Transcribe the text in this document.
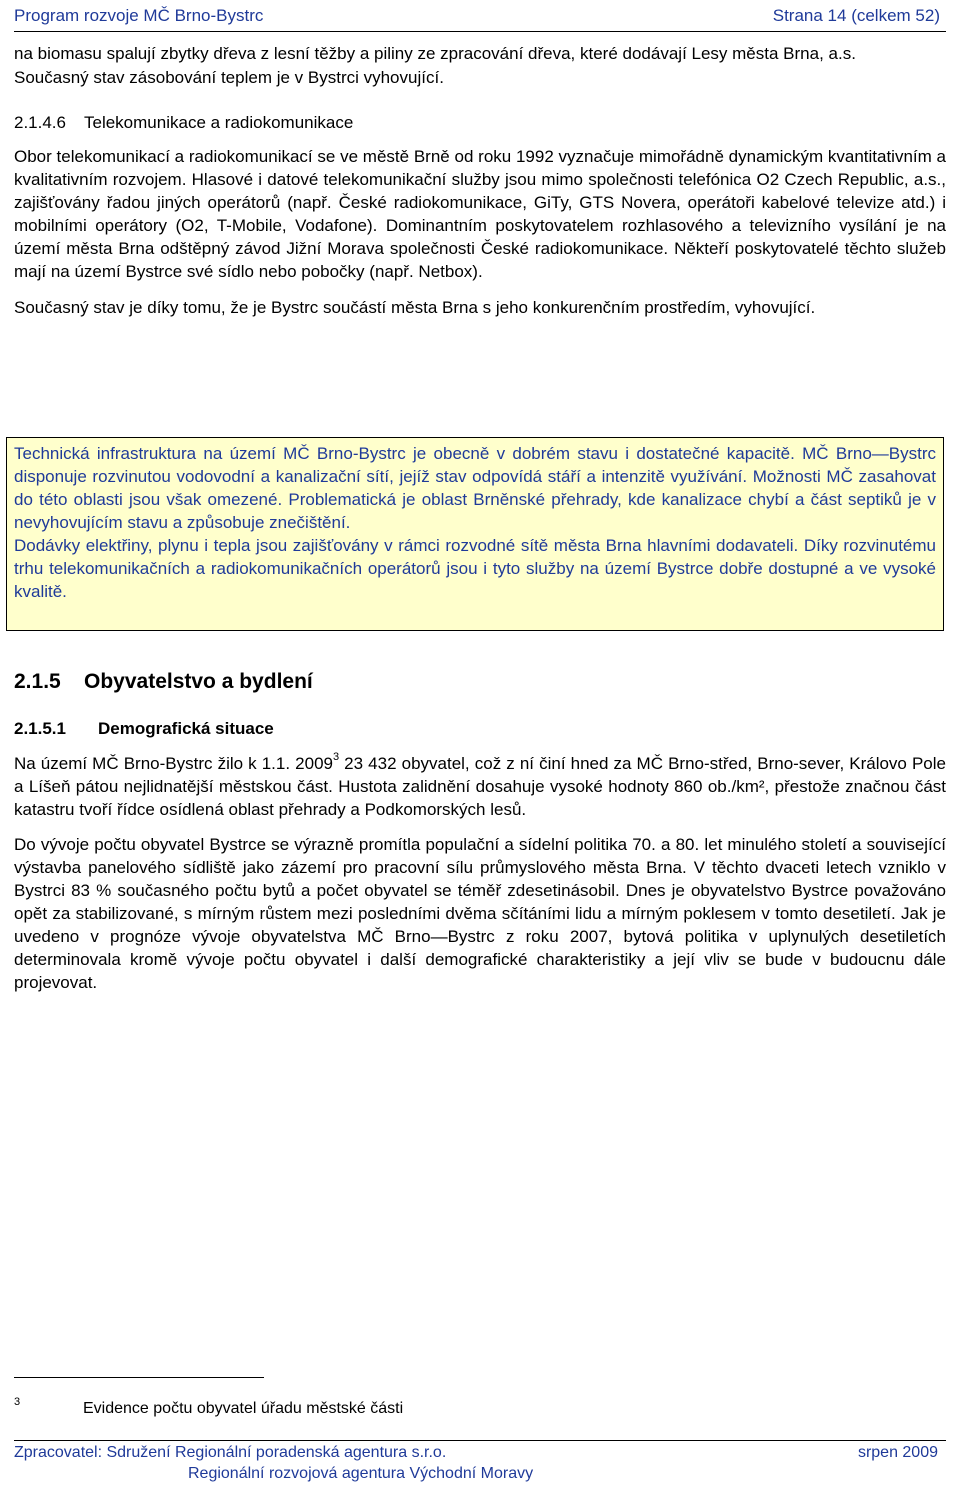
Program rozvoje MČ Brno-Bystrc	Strana 14 (celkem 52)

na biomasu spalují zbytky dřeva z lesní těžby a piliny ze zpracování dřeva, které dodávají Lesy města Brna, a.s.

Současný stav zásobování teplem je v Bystrci vyhovující.

2.1.4.6 Telekomunikace a radiokomunikace

Obor telekomunikací a radiokomunikací se ve městě Brně od roku 1992 vyznačuje mimořádně dynamickým kvantitativním a kvalitativním rozvojem. Hlasové i datové telekomunikační služby jsou mimo společnosti telefónica O2 Czech Republic, a.s., zajišťovány řadou jiných operátorů (např. České radiokomunikace, GiTy, GTS Novera, operátoři kabelové televize atd.) i mobilními operátory (O2, T-Mobile, Vodafone). Dominantním poskytovatelem rozhlasového a televizního vysílání je na území města Brna odštěpný závod Jižní Morava společnosti České radiokomunikace. Někteří poskytovatelé těchto služeb mají na území Bystrce své sídlo nebo pobočky (např. Netbox).

Současný stav je díky tomu, že je Bystrc součástí města Brna s jeho konkurenčním prostředím, vyhovující.

Technická infrastruktura na území MČ Brno-Bystrc je obecně v dobrém stavu i dostatečné kapacitě. MČ Brno—Bystrc disponuje rozvinutou vodovodní a kanalizační sítí, jejíž stav odpovídá stáří a intenzitě využívání. Možnosti MČ zasahovat do této oblasti jsou však omezené. Problematická je oblast Brněnské přehrady, kde kanalizace chybí a část septiků je v nevyhovujícím stavu a způsobuje znečištění.

Dodávky elektřiny, plynu i tepla jsou zajišťovány v rámci rozvodné sítě města Brna hlavními dodavateli. Díky rozvinutému trhu telekomunikačních a radiokomunikačních operátorů jsou i tyto služby na území Bystrce dobře dostupné a ve vysoké kvalitě.

2.1.5 Obyvatelstvo a bydlení
2.1.5.1 Demografická situace

Na území MČ Brno-Bystrc žilo k 1.1. 2009$^3$ 23 432 obyvatel, což z ní činí hned za MČ Brno-střed, Brno-sever, Královo Pole a Líšeň pátou nejlidnatější městskou část. Hustota zalidnění dosahuje vysoké hodnoty 860 ob./km², přestože značnou část katastru tvoří řídce osídlená oblast přehrady a Podkomorských lesů.

Do vývoje počtu obyvatel Bystrce se výrazně promítla populační a sídelní politika 70. a 80. let minulého století a související výstavba panelového sídliště jako zázemí pro pracovní sílu průmyslového města Brna. V těchto dvaceti letech vzniklo v Bystrci 83 % současného počtu bytů a počet obyvatel se téměř zdesetinásobil. Dnes je obyvatelstvo Bystrce považováno opět za stabilizované, s mírným růstem mezi posledními dvěma sčítáními lidu a mírným poklesem v tomto desetiletí. Jak je uvedeno v prognóze vývoje obyvatelstva MČ Brno—Bystrc z roku 2007, bytová politika v uplynulých desetiletích determinovala kromě vývoje počtu obyvatel i další demografické charakteristiky a její vliv se bude v budoucnu dále projevovat.

3	Evidence počtu obyvatel úřadu městské části
Zpracovatel: Sdružení Regionální poradenská agentura s.r.o.	srpen 2009
Regionální rozvojová agentura Východní Moravy
